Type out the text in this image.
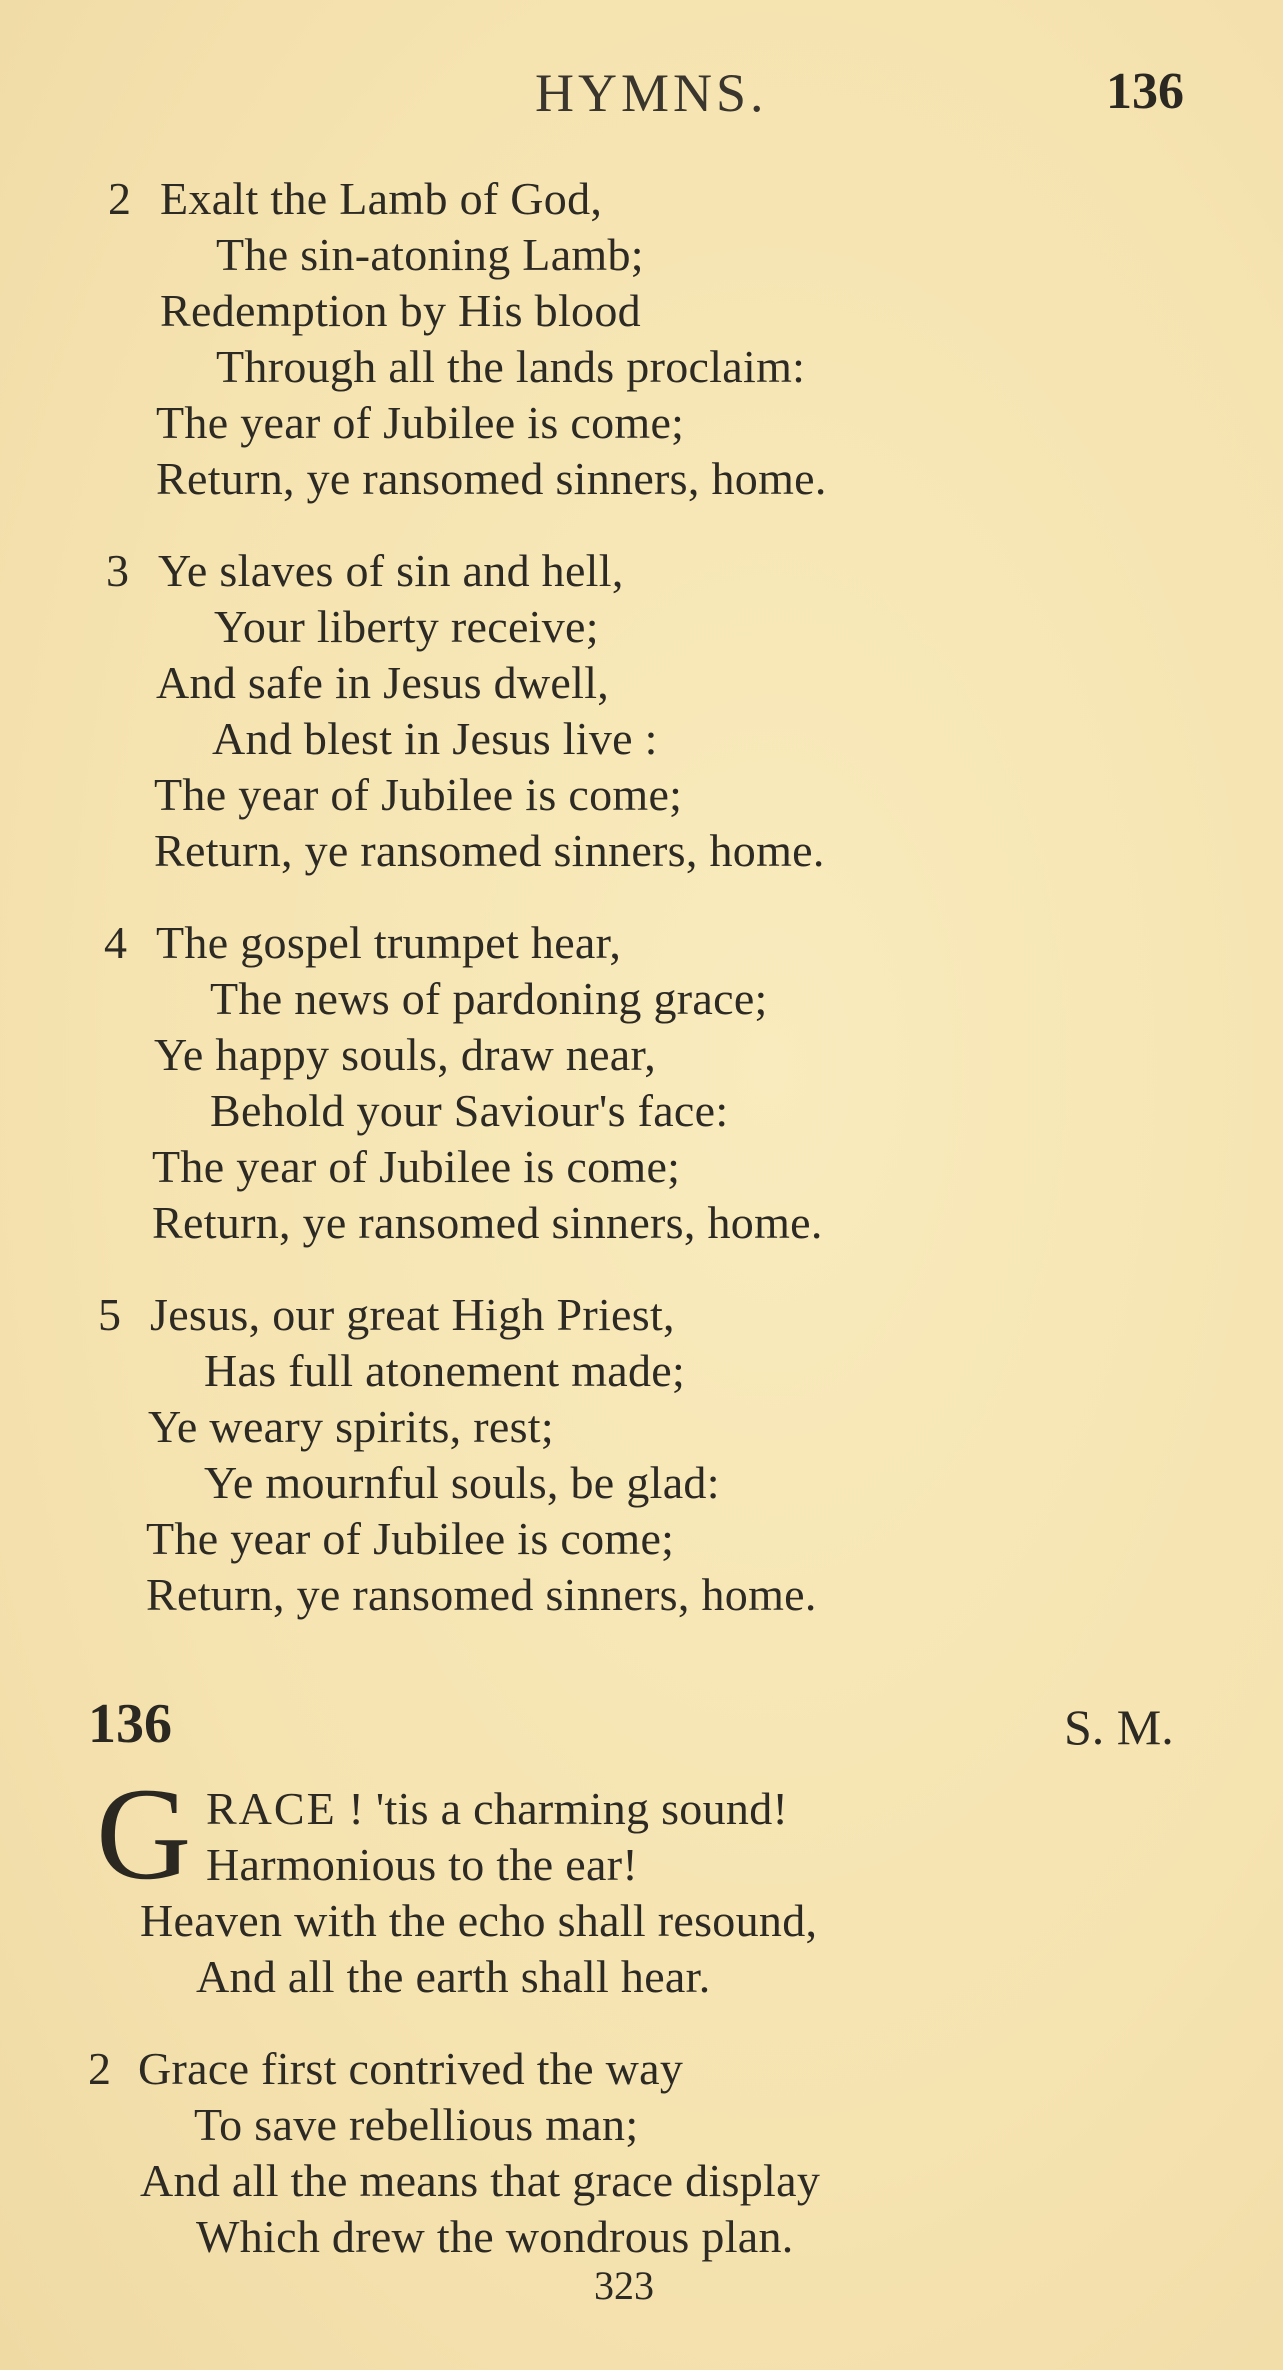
HYMNS.	136
2 Exalt the Lamb of God,
The sin-atoning Lamb;
Redemption by His blood
Through all the lands proclaim:
The year of Jubilee is come;
Return, ye ransomed sinners, home.
3 Ye slaves of sin and hell,
Your liberty receive;
And safe in Jesus dwell,
And blest in Jesus live :
The year of Jubilee is come;
Return, ye ransomed sinners, home.
4 The gospel trumpet hear,
The news of pardoning grace;
Ye happy souls, draw near,
Behold your Saviour's face:
The year of Jubilee is come;
Return, ye ransomed sinners, home.
5 Jesus, our great High Priest,
Has full atonement made;
Ye weary spirits, rest;
Ye mournful souls, be glad:
The year of Jubilee is come;
Return, ye ransomed sinners, home.
136	S. M.
G RACE ! 'tis a charming sound!
Harmonious to the ear!
Heaven with the echo shall resound,
And all the earth shall hear.
2 Grace first contrived the way
To save rebellious man;
And all the means that grace display
Which drew the wondrous plan.
323
